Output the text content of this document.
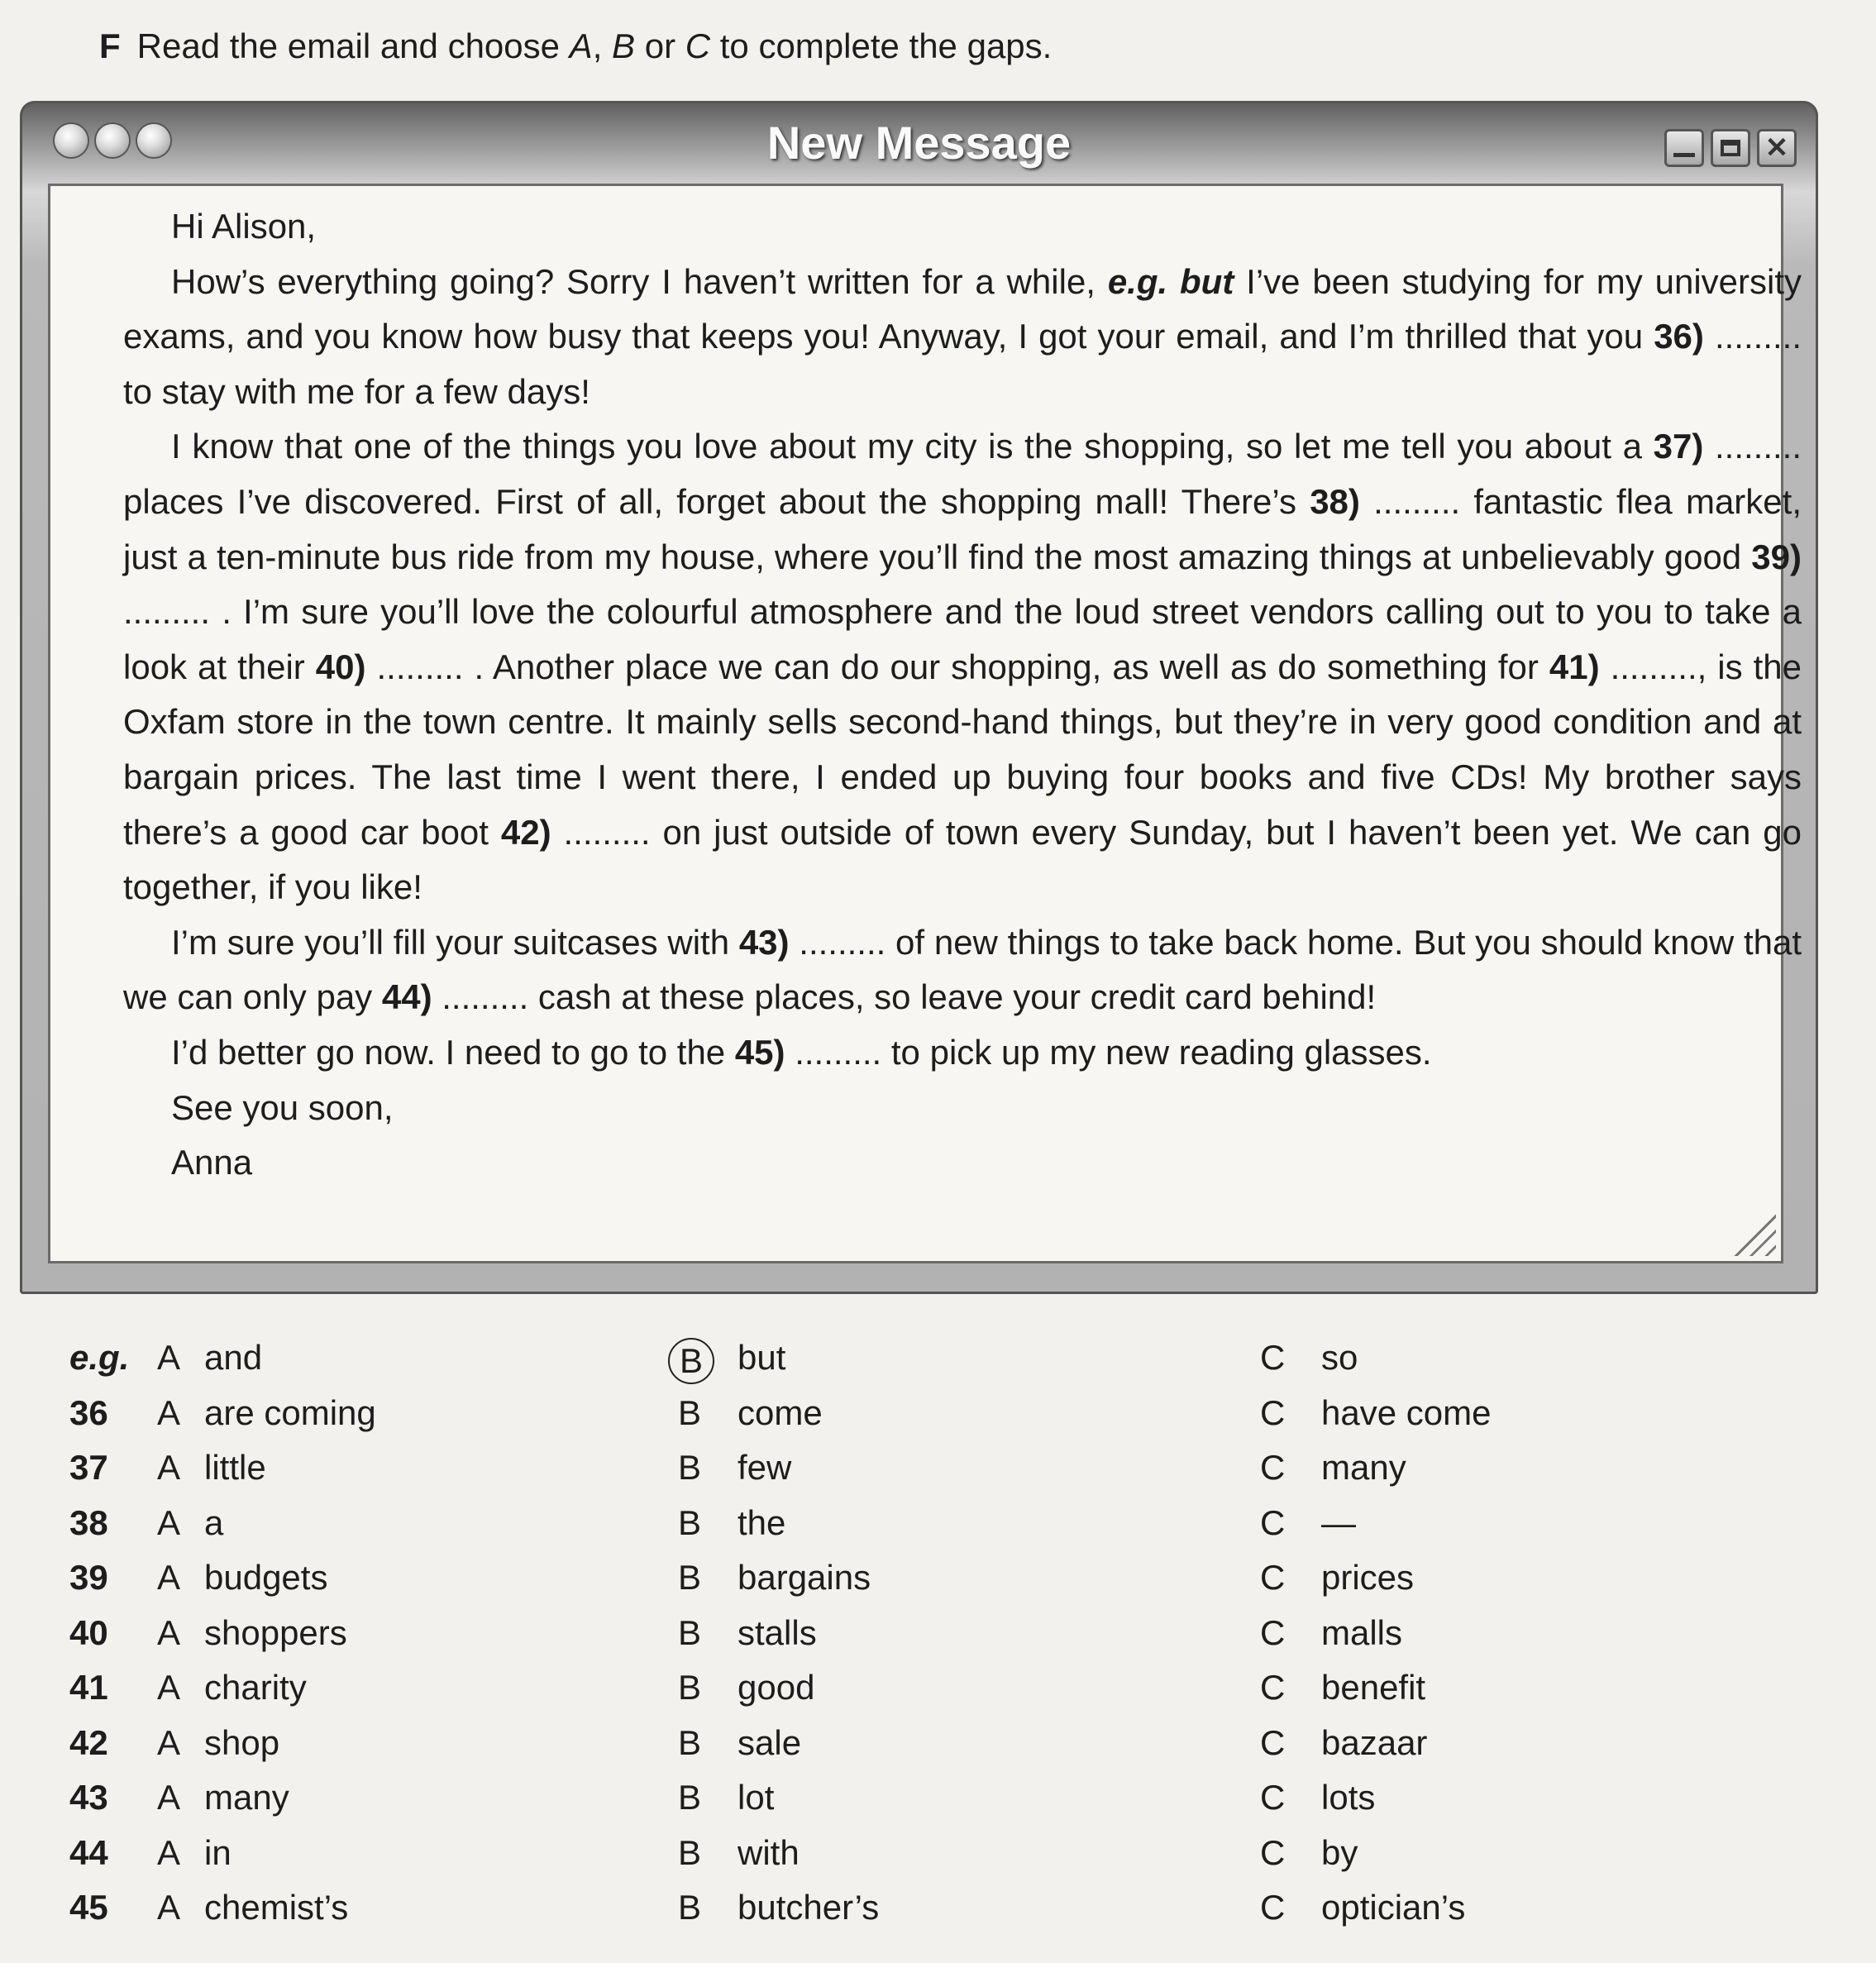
F Read the email and choose A, B or C to complete the gaps.
New Message	✕

Hi Alison,

How’s everything going? Sorry I haven’t written for a while, e.g. but I’ve been studying for my university exams, and you know how busy that keeps you! Anyway, I got your email, and I’m thrilled that you 36) ......... to stay with me for a few days!

I know that one of the things you love about my city is the shopping, so let me tell you about a 37) ......... places I’ve discovered. First of all, forget about the shopping mall! There’s 38) ......... fantastic flea market, just a ten-minute bus ride from my house, where you’ll find the most amazing things at unbelievably good 39) ......... . I’m sure you’ll love the colourful atmosphere and the loud street vendors calling out to you to take a look at their 40) ......... . Another place we can do our shopping, as well as do something for 41) ........., is the Oxfam store in the town centre. It mainly sells second-hand things, but they’re in very good condition and at bargain prices. The last time I went there, I ended up buying four books and five CDs! My brother says there’s a good car boot 42) ......... on just outside of town every Sunday, but I haven’t been yet. We can go together, if you like!

I’m sure you’ll fill your suitcases with 43) ......... of new things to take back home. But you should know that we can only pay 44) ......... cash at these places, so leave your credit card behind!

I’d better go now. I need to go to the 45) ......... to pick up my new reading glasses.

See you soon,

Anna

e.g. A and	B	but	C so
36 A are coming	B come	C have come
37 A little	B few	C many
38 A a	B the	C —
39 A budgets	B bargains	C prices
40 A shoppers	B stalls	C malls
41 A charity	B good	C benefit
42 A shop	B sale	C bazaar
43 A many	B lot	C lots
44 A in	B with	C by
45 A chemist’s	B butcher’s	C optician’s
